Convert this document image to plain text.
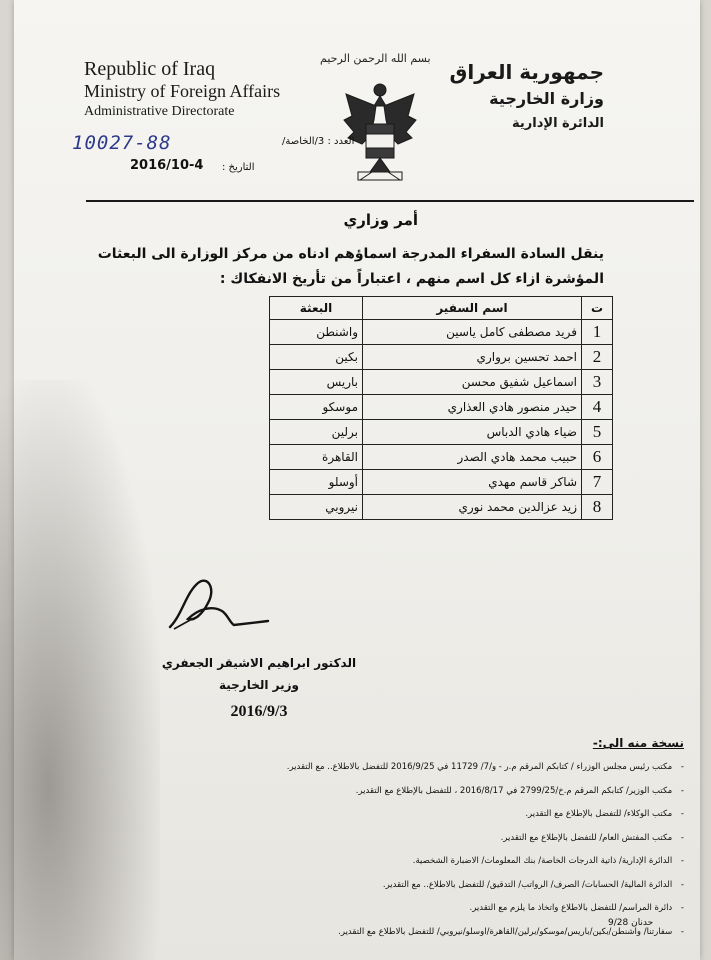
Republic of Iraq
Ministry of Foreign Affairs
Administrative Directorate
بسم الله الرحمن الرحيم
جمهورية العراق
وزارة الخارجية
الدائرة الإدارية
10027-88	العدد : 3/الخاصة/
2016/10-4 التاريخ :
أمر وزاري
ينقل السادة السفراء المدرجة اسماؤهم ادناه من مركز الوزارة الى البعثات المؤشرة ازاء كل اسم منهم ، اعتباراً من تأريخ الانفكاك :
ت	اسم السفير	البعثة
1	فريد مصطفى كامل ياسين	واشنطن
2	احمد تحسين برواري	بكين
3	اسماعيل شفيق محسن	باريس
4	حيدر منصور هادي العذاري	موسكو
5	ضياء هادي الدباس	برلين
6	حبيب محمد هادي الصدر	القاهرة
7	شاكر قاسم مهدي	أوسلو
8	زيد عزالدين محمد نوري	نيروبي
الدكتور ابراهيم الاشيقر الجعفري
وزير الخارجية
2016/9/3
نسخة منه الى:-
- مكتب رئيس مجلس الوزراء / كتابكم المرقم م.ر - و/7/ 11729 في 2016/9/25 للتفضل بالاطلاع.. مع التقدير.
- مكتب الوزير/ كتابكم المرقم م.خ/2799/25 في 2016/8/17 ، للتفضل بالإطلاع مع التقدير.
- مكتب الوكلاء/ للتفضل بالإطلاع مع التقدير.
- مكتب المفتش العام/ للتفضل بالإطلاع مع التقدير.
- الدائرة الإدارية/ ذاتية الدرجات الخاصة/ بنك المعلومات/ الاضبارة الشخصية.
- الدائرة المالية/ الحسابات/ الصرف/ الرواتب/ التدقيق/ للتفضل بالاطلاع.. مع التقدير.
- دائرة المراسم/ للتفضل بالاطلاع واتخاذ ما يلزم مع التقدير.
- سفارتنا/ واشنطن/بكين/باريس/موسكو/برلين/القاهرة/اوسلو/نيروبي/ للتفضل بالاطلاع مع التقدير.
حدنان 9/28
